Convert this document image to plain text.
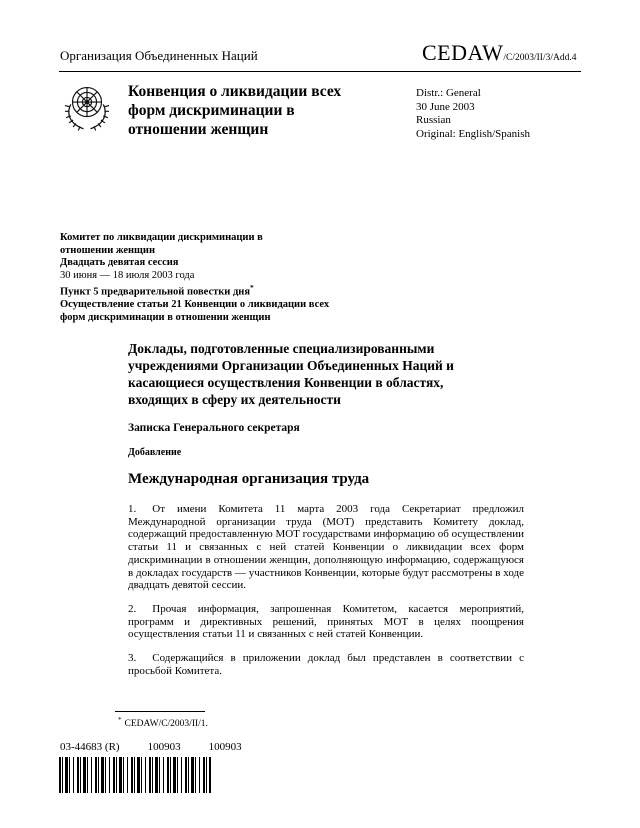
Организация Объединенных Наций	CEDAW/C/2003/II/3/Add.4
Конвенция о ликвидации всех форм дискриминации в отношении женщин
Distr.: General
30 June 2003
Russian
Original: English/Spanish
Комитет по ликвидации дискриминации в отношении женщин
Двадцать девятая сессия
30 июня — 18 июля 2003 года
Пункт 5 предварительной повестки дня*
Осуществление статьи 21 Конвенции о ликвидации всех форм дискриминации в отношении женщин
Доклады, подготовленные специализированными учреждениями Организации Объединенных Наций и касающиеся осуществления Конвенции в областях, входящих в сферу их деятельности
Записка Генерального секретаря
Добавление
Международная организация труда

1. От имени Комитета 11 марта 2003 года Секретариат предложил Международной организации труда (МОТ) представить Комитету доклад, содержащий предоставленную МОТ государствами информацию об осуществлении статьи 11 и связанных с ней статей Конвенции о ликвидации всех форм дискриминации в отношении женщин, дополняющую информацию, содержащуюся в докладах государств — участников Конвенции, которые будут рассмотрены в ходе двадцать девятой сессии.

2. Прочая информация, запрошенная Комитетом, касается мероприятий, программ и директивных решений, принятых МОТ в целях поощрения осуществления статьи 11 и связанных с ней статей Конвенции.

3. Содержащийся в приложении доклад был представлен в соответствии с просьбой Комитета.

* CEDAW/C/2003/II/1.
03-44683 (R)	100903	100903
